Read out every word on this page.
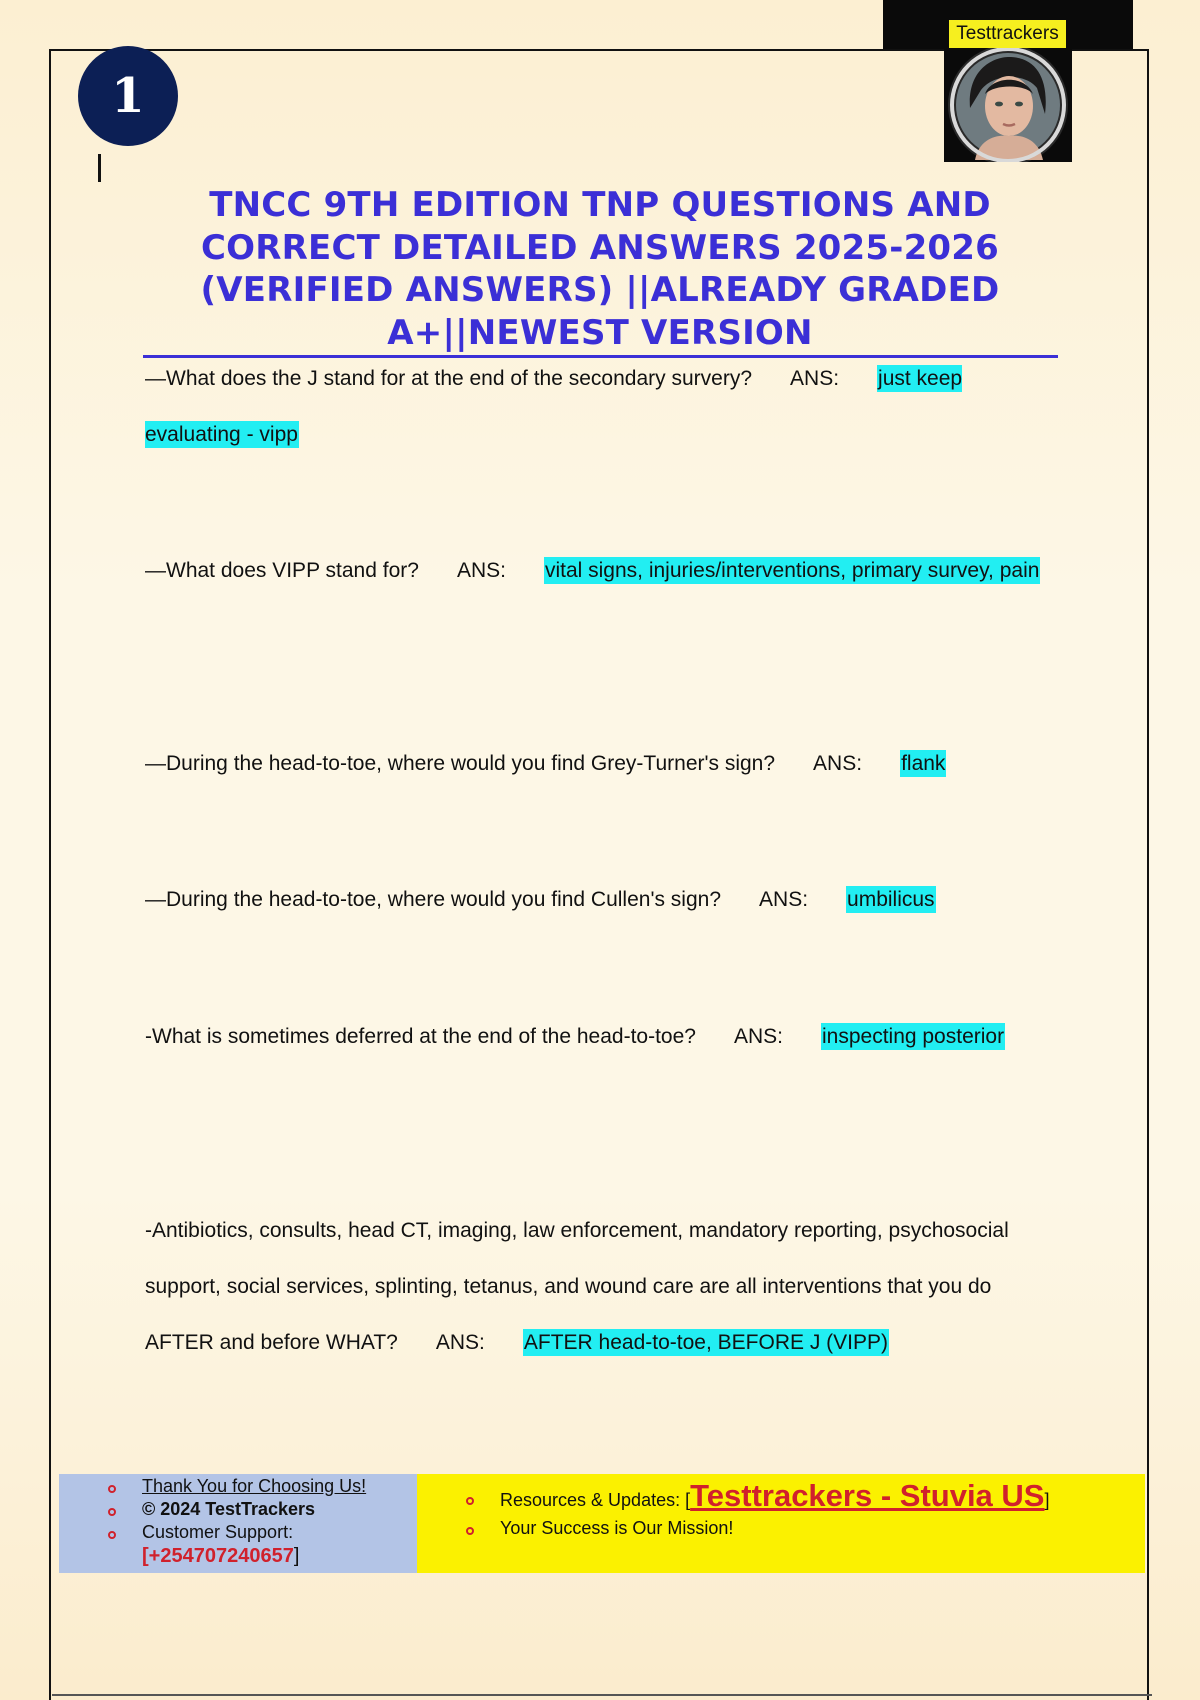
Testtrackers
1
TNCC 9TH EDITION TNP QUESTIONS AND CORRECT DETAILED ANSWERS 2025-2026 (VERIFIED ANSWERS) ||ALREADY GRADED A+||NEWEST VERSION

—What does the J stand for at the end of the secondary survery? ANS: just keep evaluating - vipp

—What does VIPP stand for? ANS: vital signs, injuries/interventions, primary survey, pain

—During the head-to-toe, where would you find Grey-Turner's sign? ANS: flank

—During the head-to-toe, where would you find Cullen's sign? ANS: umbilicus

-What is sometimes deferred at the end of the head-to-toe? ANS: inspecting posterior

-Antibiotics, consults, head CT, imaging, law enforcement, mandatory reporting, psychosocial support, social services, splinting, tetanus, and wound care are all interventions that you do AFTER and before WHAT? ANS: AFTER head-to-toe, BEFORE J (VIPP)

Thank You for Choosing Us!
© 2024 TestTrackers
Customer Support:
[+254707240657]
Resources & Updates: [Testtrackers - Stuvia US]
Your Success is Our Mission!
